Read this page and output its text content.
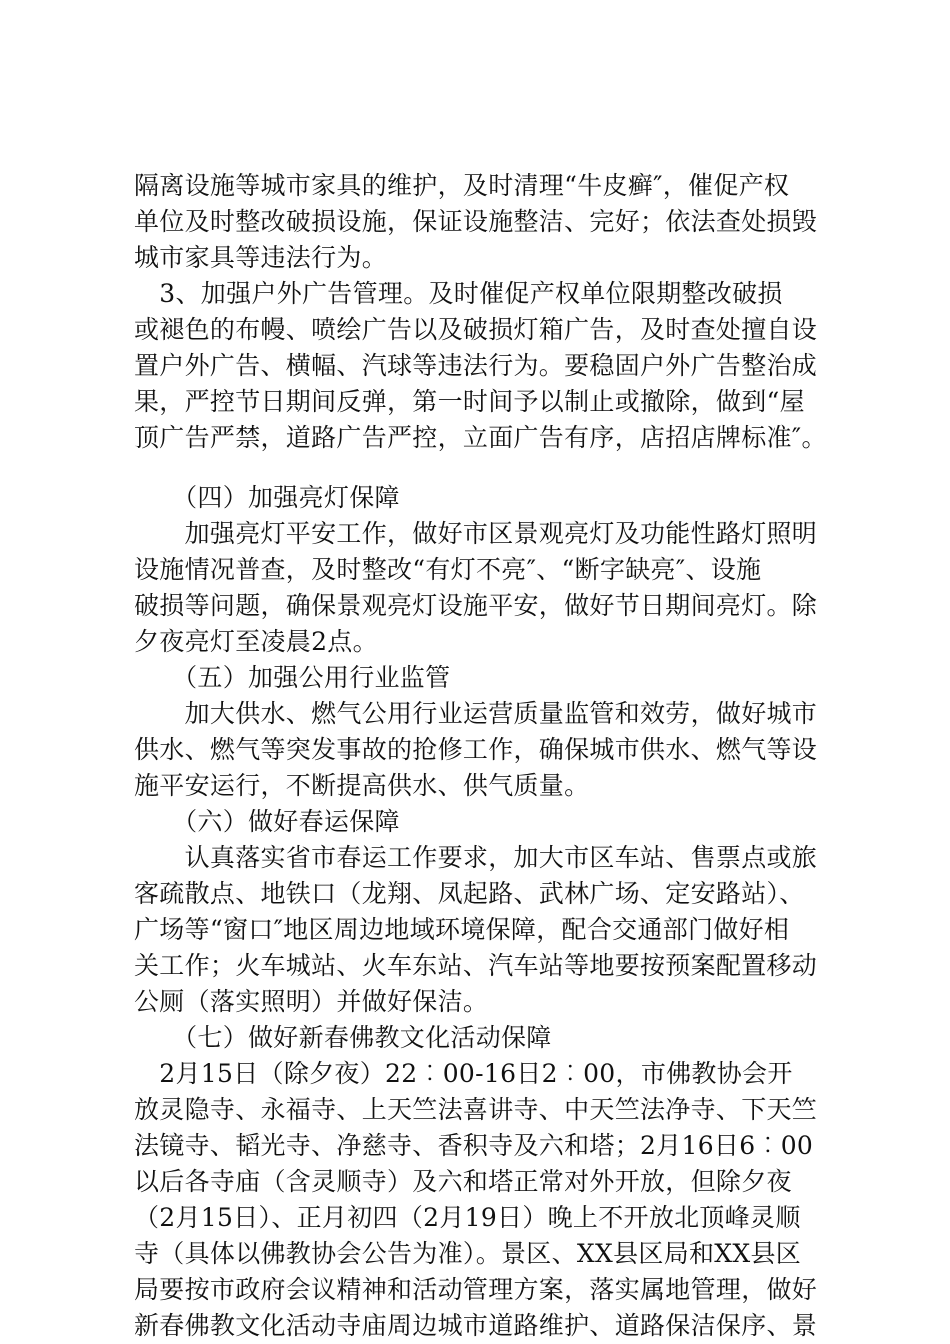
隔离设施等城市家具的维护，及时清理“牛皮癣″，催促产权
单位及时整改破损设施，保证设施整洁、完好；依法查处损毁
城市家具等违法行为。
　3、加强户外广告管理。及时催促产权单位限期整改破损
或褪色的布幔、喷绘广告以及破损灯箱广告，及时查处擅自设
置户外广告、横幅、汽球等违法行为。要稳固户外广告整治成
果，严控节日期间反弹，第一时间予以制止或撤除，做到“屋
顶广告严禁，道路广告严控，立面广告有序，店招店牌标准″。
　　（四）加强亮灯保障
　　加强亮灯平安工作，做好市区景观亮灯及功能性路灯照明
设施情况普查，及时整改“有灯不亮″、“断字缺亮″、设施
破损等问题，确保景观亮灯设施平安，做好节日期间亮灯。除
夕夜亮灯至凌晨2点。
　　（五）加强公用行业监管
　　加大供水、燃气公用行业运营质量监管和效劳，做好城市
供水、燃气等突发事故的抢修工作，确保城市供水、燃气等设
施平安运行，不断提高供水、供气质量。
　　（六）做好春运保障
　　认真落实省市春运工作要求，加大市区车站、售票点或旅
客疏散点、地铁口（龙翔、凤起路、武林广场、定安路站）、
广场等“窗口″地区周边地域环境保障，配合交通部门做好相
关工作；火车城站、火车东站、汽车站等地要按预案配置移动
公厕（落实照明）并做好保洁。
　　（七）做好新春佛教文化活动保障
　2月15日（除夕夜）22︰00-16日2︰00，市佛教协会开
放灵隐寺、永福寺、上天竺法喜讲寺、中天竺法净寺、下天竺
法镜寺、韬光寺、净慈寺、香积寺及六和塔；2月16日6︰00
以后各寺庙（含灵顺寺）及六和塔正常对外开放，但除夕夜
（2月15日）、正月初四（2月19日）晚上不开放北顶峰灵顺
寺（具体以佛教协会公告为准）。景区、XX县区局和XX县区
局要按市政府会议精神和活动管理方案，落实属地管理，做好
新春佛教文化活动寺庙周边城市道路维护、道路保洁保序、景
